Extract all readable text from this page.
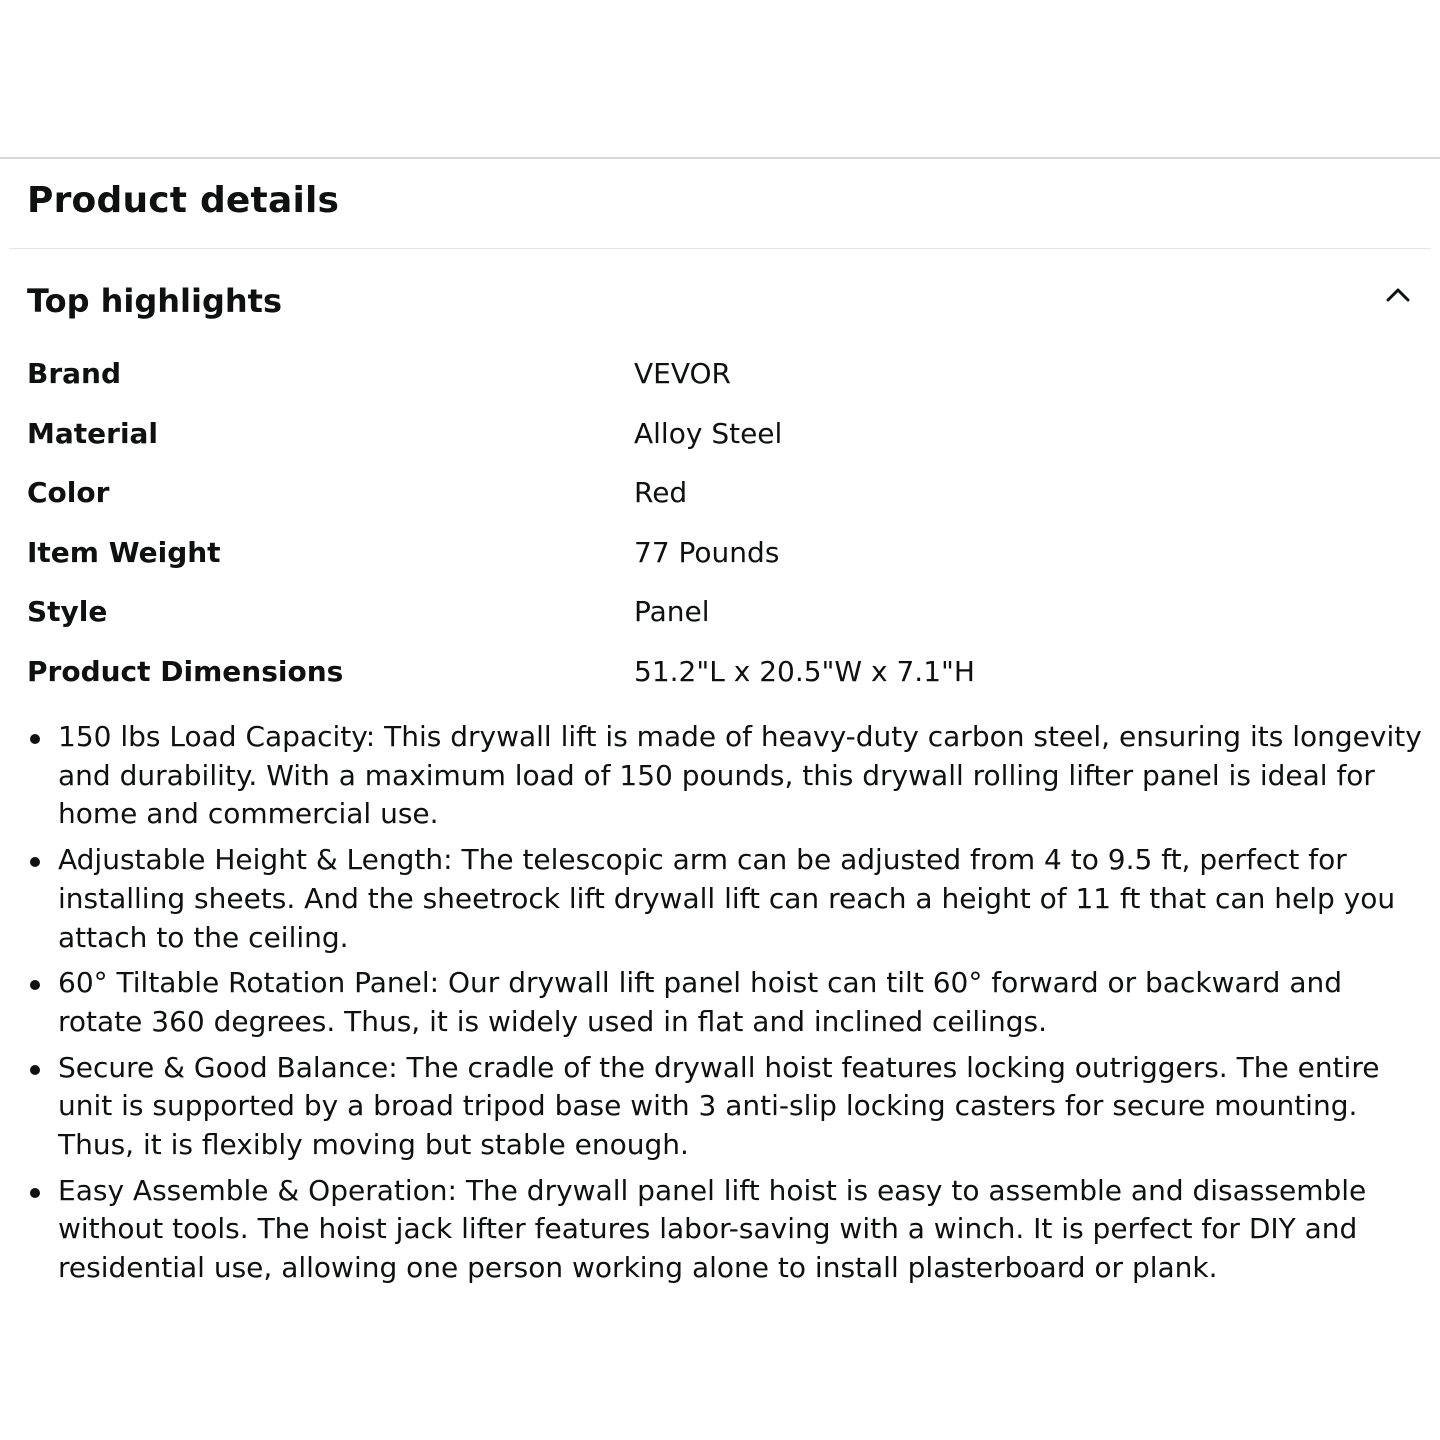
Product details
Top highlights
Brand	VEVOR
Material	Alloy Steel
Color	Red
Item Weight	77 Pounds
Style	Panel
Product Dimensions	51.2"L x 20.5"W x 7.1"H
150 lbs Load Capacity: This drywall lift is made of heavy-duty carbon steel, ensuring its longevity and durability. With a maximum load of 150 pounds, this drywall rolling lifter panel is ideal for home and commercial use.
Adjustable Height & Length: The telescopic arm can be adjusted from 4 to 9.5 ft, perfect for installing sheets. And the sheetrock lift drywall lift can reach a height of 11 ft that can help you attach to the ceiling.
60° Tiltable Rotation Panel: Our drywall lift panel hoist can tilt 60° forward or backward and rotate 360 degrees. Thus, it is widely used in flat and inclined ceilings.
Secure & Good Balance: The cradle of the drywall hoist features locking outriggers. The entire unit is supported by a broad tripod base with 3 anti-slip locking casters for secure mounting. Thus, it is flexibly moving but stable enough.
Easy Assemble & Operation: The drywall panel lift hoist is easy to assemble and disassemble without tools. The hoist jack lifter features labor-saving with a winch. It is perfect for DIY and residential use, allowing one person working alone to install plasterboard or plank.
